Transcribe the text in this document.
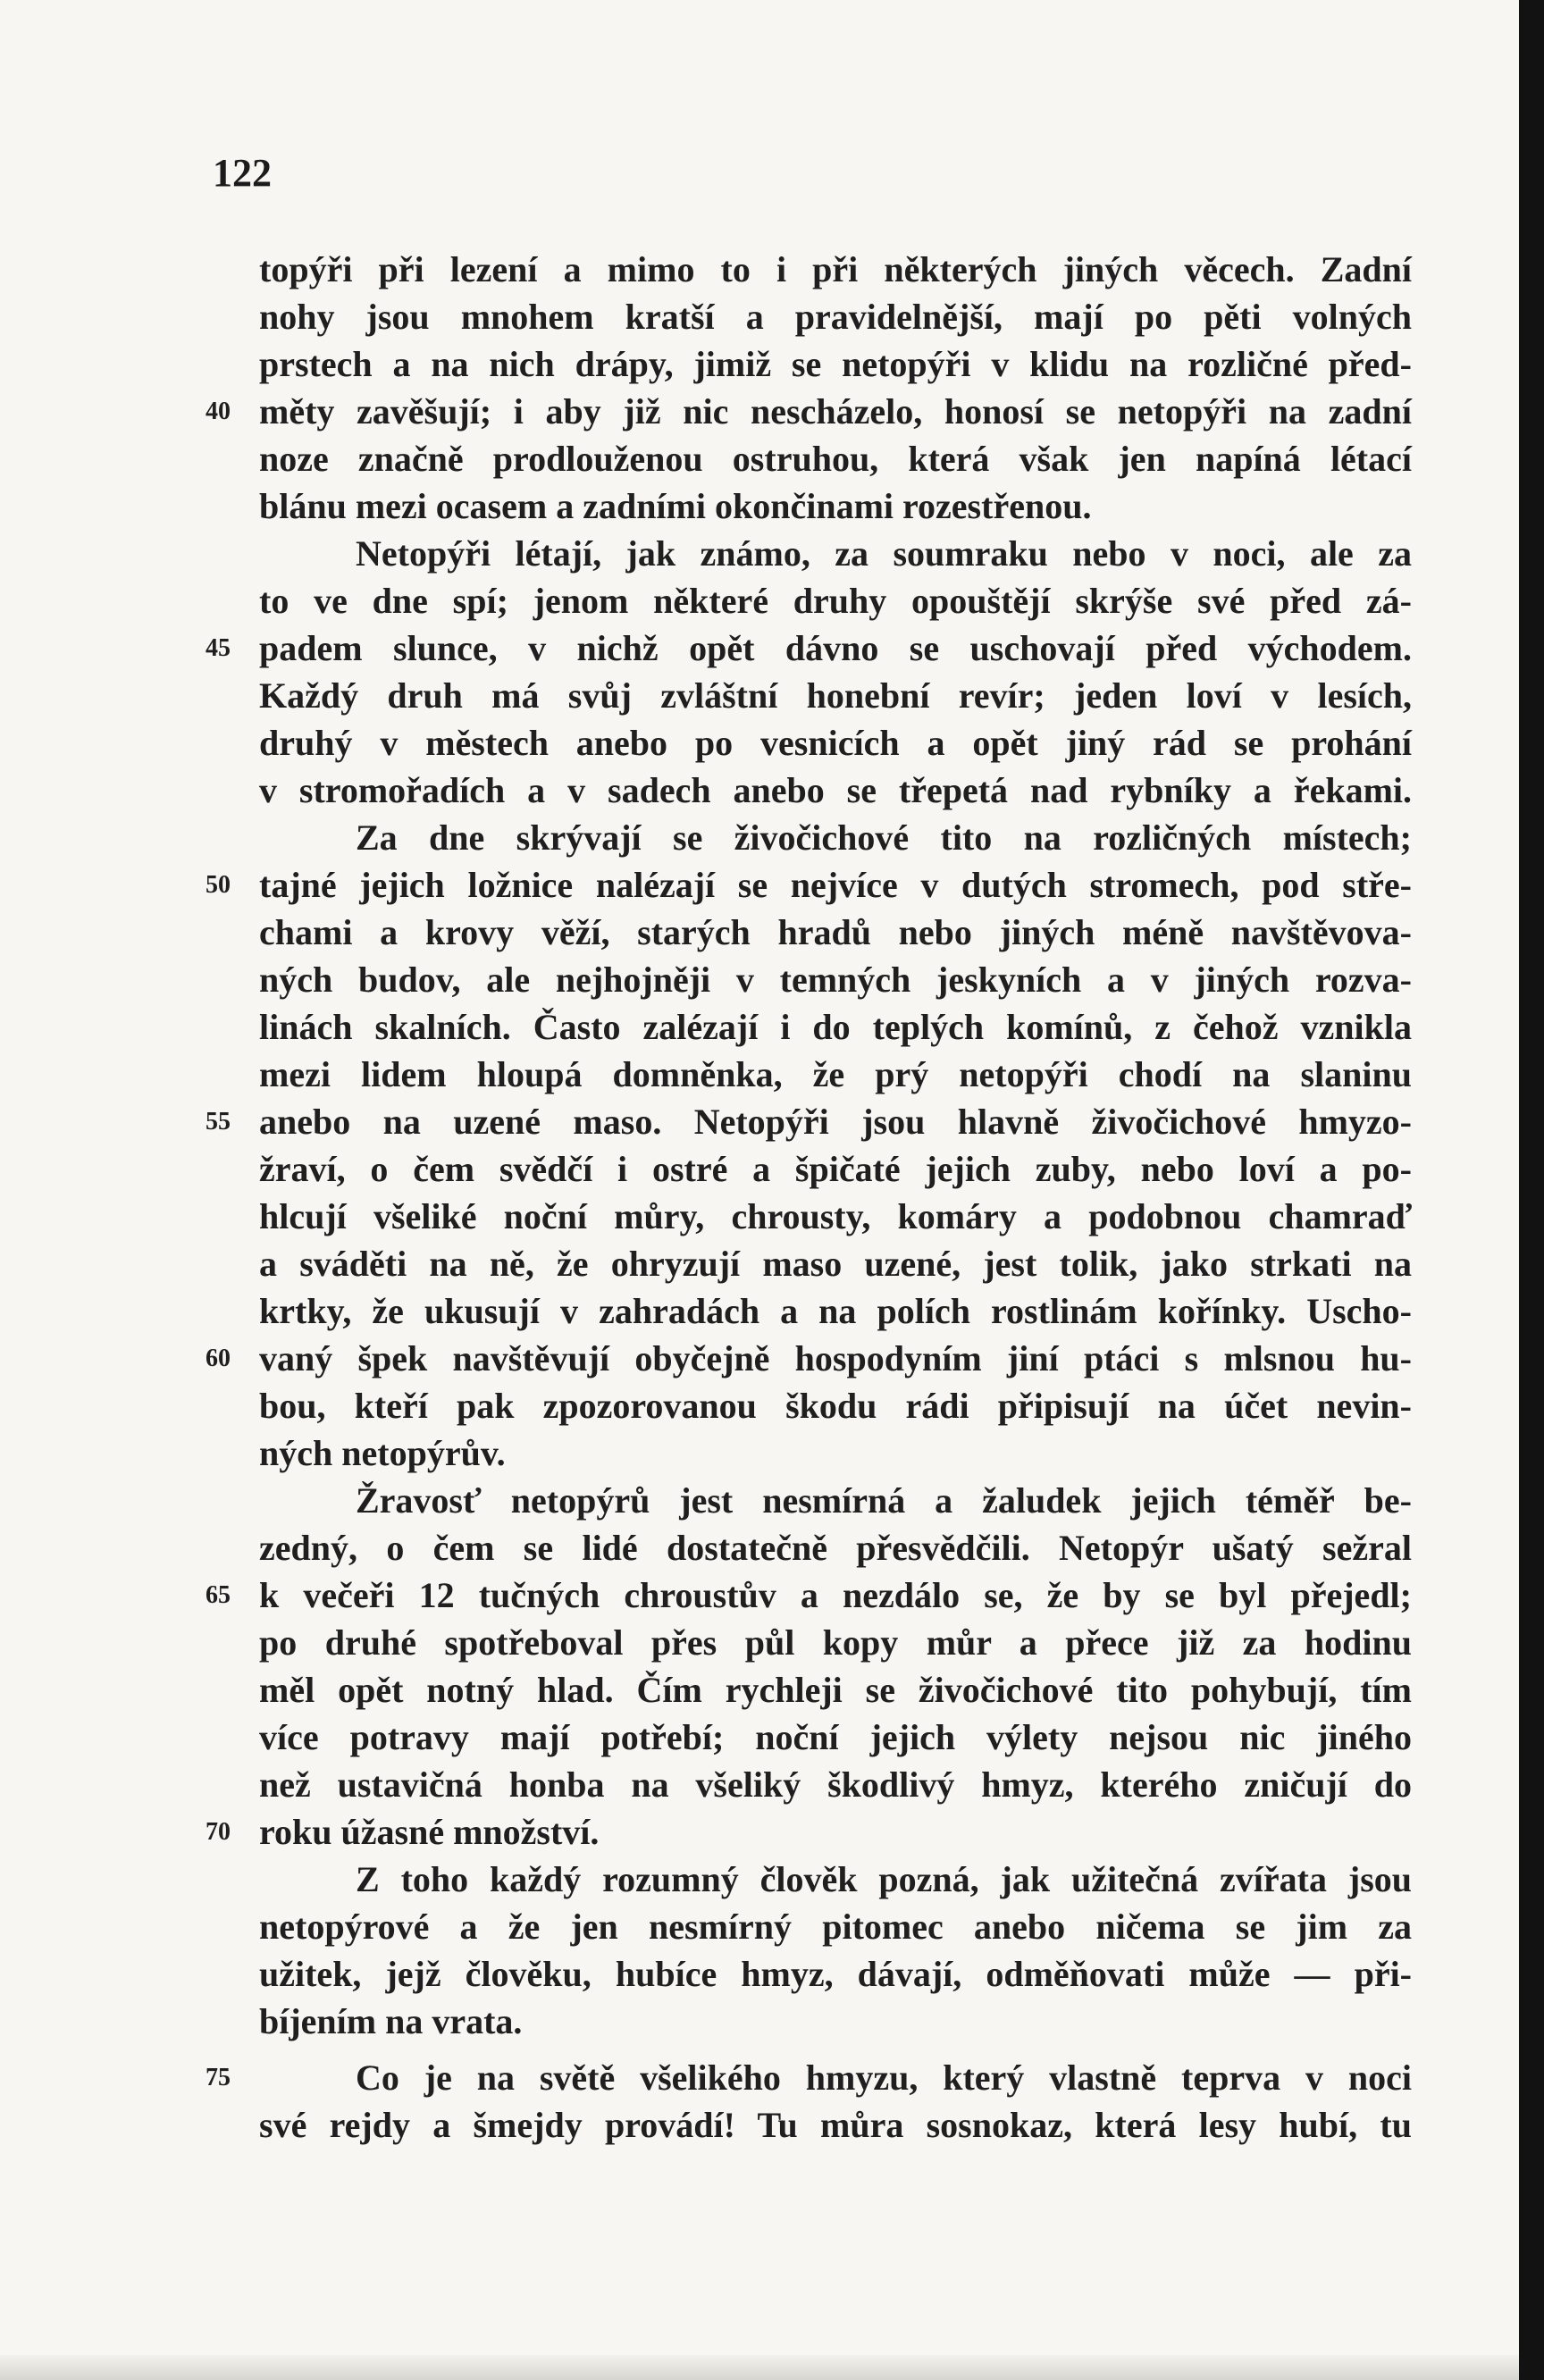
122
topýři při lezení a mimo to i při některých jiných věcech. Zadní
nohy jsou mnohem kratší a pravidelnější, mají po pěti volných
prstech a na nich drápy, jimiž se netopýři v klidu na rozličné před-
40 měty zavěšují; i aby již nic nescházelo, honosí se netopýři na zadní
noze značně prodlouženou ostruhou, která však jen napíná létací
blánu mezi ocasem a zadními okončinami rozestřenou.
Netopýři létají, jak známo, za soumraku nebo v noci, ale za
to ve dne spí; jenom některé druhy opouštějí skrýše své před zá-
45 padem slunce, v nichž opět dávno se uschovají před východem.
Každý druh má svůj zvláštní honební revír; jeden loví v lesích,
druhý v městech anebo po vesnicích a opět jiný rád se prohání
v stromořadích a v sadech anebo se třepetá nad rybníky a řekami.
Za dne skrývají se živočichové tito na rozličných místech;
50 tajné jejich ložnice nalézají se nejvíce v dutých stromech, pod stře-
chami a krovy věží, starých hradů nebo jiných méně navštěvova-
ných budov, ale nejhojněji v temných jeskyních a v jiných rozva-
linách skalních. Často zalézají i do teplých komínů, z čehož vznikla
mezi lidem hloupá domněnka, že prý netopýři chodí na slaninu
55 anebo na uzené maso. Netopýři jsou hlavně živočichové hmyzo-
žraví, o čem svědčí i ostré a špičaté jejich zuby, nebo loví a po-
hlcují všeliké noční můry, chrousty, komáry a podobnou chamraď
a sváděti na ně, že ohryzují maso uzené, jest tolik, jako strkati na
krtky, že ukusují v zahradách a na polích rostlinám kořínky. Uscho-
60 vaný špek navštěvují obyčejně hospodyním jiní ptáci s mlsnou hu-
bou, kteří pak zpozorovanou škodu rádi připisují na účet nevin-
ných netopýrův.
Žravosť netopýrů jest nesmírná a žaludek jejich téměř be-
zedný, o čem se lidé dostatečně přesvědčili. Netopýr ušatý sežral
65 k večeři 12 tučných chroustův a nezdálo se, že by se byl přejedl;
po druhé spotřeboval přes půl kopy můr a přece již za hodinu
měl opět notný hlad. Čím rychleji se živočichové tito pohybují, tím
více potravy mají potřebí; noční jejich výlety nejsou nic jiného
než ustavičná honba na všeliký škodlivý hmyz, kterého zničují do
70 roku úžasné množství.
Z toho každý rozumný člověk pozná, jak užitečná zvířata jsou
netopýrové a že jen nesmírný pitomec anebo ničema se jim za
užitek, jejž člověku, hubíce hmyz, dávají, odměňovati může — při-
bíjením na vrata.
75	Co je na světě všelikého hmyzu, který vlastně teprva v noci
své rejdy a šmejdy provádí! Tu můra sosnokaz, která lesy hubí, tu
